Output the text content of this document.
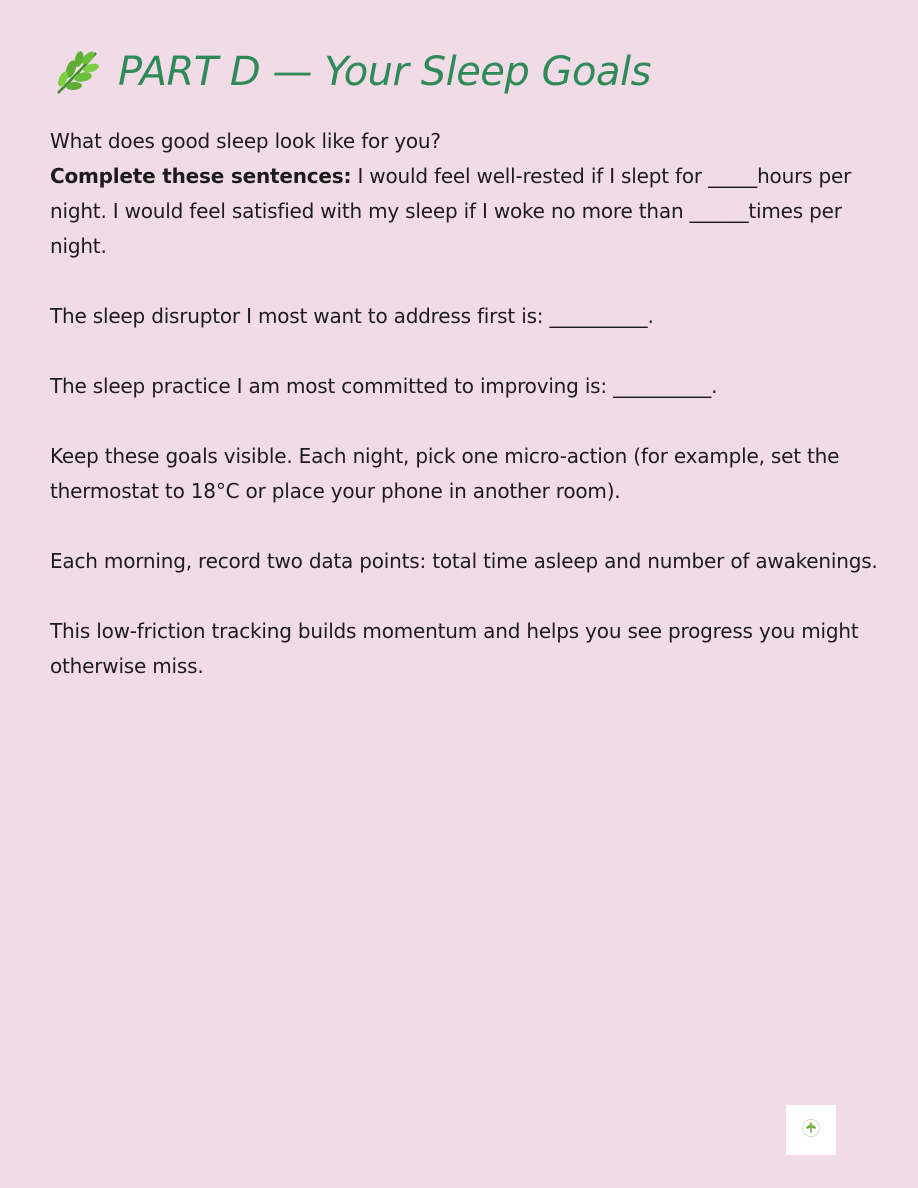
PART D — Your Sleep Goals

What does good sleep look like for you?

Complete these sentences: I would feel well-rested if I slept for _____hours per night. I would feel satisfied with my sleep if I woke no more than ______times per night.

The sleep disruptor I most want to address first is: __________.

The sleep practice I am most committed to improving is: __________.

Keep these goals visible. Each night, pick one micro-action (for example, set the thermostat to 18°C or place your phone in another room).

Each morning, record two data points: total time asleep and number of awakenings.

This low-friction tracking builds momentum and helps you see progress you might otherwise miss.
